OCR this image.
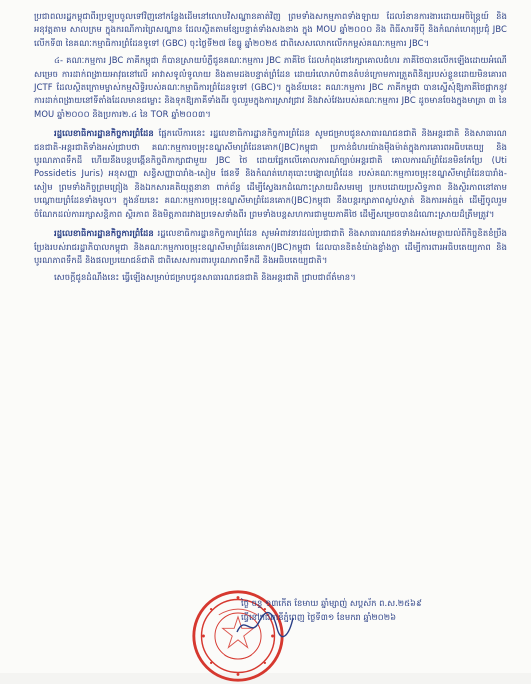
ប្រជាពលរដ្ឋកម្ពុជាពីរប្រឡូបចូលទៅវិញនៅកន្លែងដើមនៅលោបវិសណ្ឋានគាត់វិញ ព្រមទាំងសកម្មភាពទាំងឡាយ ដែលរំខានការងារដោយអចិន្ត្រៃយ៍ និងអនុវត្តតាម សាលក្រម ក្នុងករណីការព្រៃសណ្ឋាន ដែលស្ថិតតាមខ្សែបន្ទាត់ទាំងសងខាង ក្នុង MOU ឆ្នាំ២០០០ និង ពិធីសារទីប៉ី និងកំណត់ហេតុប្រជុំ JBC លើកទី៣ នៃគណៈកម្មាធិការព្រំដែនទូទៅ (GBC) ចុះថ្ងៃទី២៧ ខែធ្នូ ឆ្នាំ២០២៥ ជាពិសេសលោកលើកកម្ពស់គណៈកម្មការ JBC។

៤- គណៈកម្មការ JBC ភាគីកម្ពុជា ក៏បានស្រាយបំភ្លឺជូនគណៈកម្មការ JBC ភាគីថៃ ដែលកំពុងនៅរក្សាគោលជំហរ ភាគីថៃបានលើកឡើងដោយអំណើសម្រេច ការដាក់ពង្រាយអាវុធនៅលើ អាវាសទូលំទូលាយ និងតាមដងបន្ទាត់ព្រំដែន ដោយរំលោភបំពានតំបន់ក្រោមការត្រួតពិនិត្យរបស់ខ្លួនដោយមិនគោរព JCTF ដែលស្ថិតក្រោមម្ចាស់កម្មសិទ្ធិរបស់គណៈកម្មាធិការព្រំដែនទូទៅ (GBC)។ ក្នុងន័យនេះ គណៈកម្មការ JBC ភាគីកម្ពុជា បានស្នើសុំឱ្យភាគីថៃផ្អាកនូវការដាក់ពង្រាយនៅទីតាំងដែលមានជម្លោះ និងទុកឱ្យភាគីទាំងពីរ ចូលរួមក្នុងការស្រាវជ្រាវ និងវាស់វែងរបស់គណៈកម្មការ JBC ដូចមានចែងក្នុងមាត្រា ៣ នៃ MOU ឆ្នាំ២០០០ និងប្រការ២.៤ នៃ TOR ឆ្នាំ២០០៣។

រដ្ឋលេខាធិការដ្ឋានកិច្ចការព្រំដែន ផ្អែកលើការនេះ រដ្ឋលេខាធិការដ្ឋានកិច្ចការព្រំដែន សូមជម្រាបជូនសាធារណជនជាតិ និងអន្តរជាតិ និងសាធារណជនជាតិ-អន្តរជាតិទាំងអស់ជ្រាបថា គណៈកម្មការចម្រុះខណ្ឌសីមាព្រំដែនគោក(JBC)កម្ពុជា ប្រកាន់ជំហរយ៉ាងម៉ឺងម៉ាត់ក្នុងការគោរពអធិបតេយ្យ និងបូរណភាពទឹកដី ហើយនឹងបន្តបង្កើនកិច្ចពិភាក្សាជាមួយ JBC ថៃ ដោយផ្អែកលើគោលការណ៍ច្បាប់អន្តរជាតិ គោលការណ៍ព្រំដែនមិនកែប្រែ (Uti Possidetis Juris) អនុសញ្ញា សន្ធិសញ្ញាបារាំង-សៀម ផែនទី និងកំណត់ហេតុបោះបង្គោលព្រំដែន របស់គណៈកម្មការចម្រុះខណ្ឌសីមាព្រំដែនបារាំង-សៀម ព្រមទាំងកិច្ចព្រមព្រៀង និងឯកសារគតិយុត្តនានា ពាក់ព័ន្ធ ដើម្បីស្វែងរកដំណោះស្រាយដ៏សមរម្យ ប្រកបដោយប្រសិទ្ធភាព និងស្ថិរភាពនៅតាមបណ្តោយព្រំដែនទាំងមូល។ ក្នុងន័យនេះ គណៈកម្មការចម្រុះខណ្ឌសីមាព្រំដែនគោក(JBC)កម្ពុជា នឹងបន្តរក្សាភាពស្ងប់ស្ងាត់ និងការអត់ធ្មត់ ដើម្បីចូលរួមចំណែកដល់ការរក្សាសន្តិភាព ស្ថិរភាព និងមិត្តភាពរវាងប្រទេសទាំងពីរ ព្រមទាំងបន្តសហការជាមួយភាគីថៃ ដើម្បីសម្រេចបានដំណោះស្រាយដ៏ត្រឹមត្រូវ។

រដ្ឋលេខាធិការដ្ឋានកិច្ចការព្រំដែន រដ្ឋលេខាធិការដ្ឋានកិច្ចការព្រំដែន សូមអំពាវនាវដល់ប្រជាជាតិ និងសាធារណជនទាំងអស់មេត្តាយល់ពីកិច្ចខិតខំប្រឹងប្រែងរបស់រាជរដ្ឋាភិបាលកម្ពុជា និងគណៈកម្មការចម្រុះខណ្ឌសីមាព្រំដែនគោក(JBC)កម្ពុជា ដែលបានខិតខំយ៉ាងខ្លាំងក្លា ដើម្បីការពារអធិបតេយ្យភាព និងបូរណភាពទឹកដី និងផលប្រយោជន៍ជាតិ ជាពិសេសការពារបូរណភាពទឹកដី និងអធិបតេយ្យជាតិ។

សេចក្តីជូនដំណឹងនេះ ធ្វើឡើងសម្រាប់ជម្រាបជូនសាធារណជនជាតិ និងអន្តរជាតិ ជ្រាបជាព័ត៌មាន។

ថ្ងៃ ចន្ទ ១៣កើត ខែមាឃ ឆ្នាំម្សាញ់ សប្តស័ក ព.ស.២៥៦៩
ធ្វើនៅរាជធានីភ្នំពេញ ថ្ងៃទី៣១ ខែមករា ឆ្នាំ២០២៦
